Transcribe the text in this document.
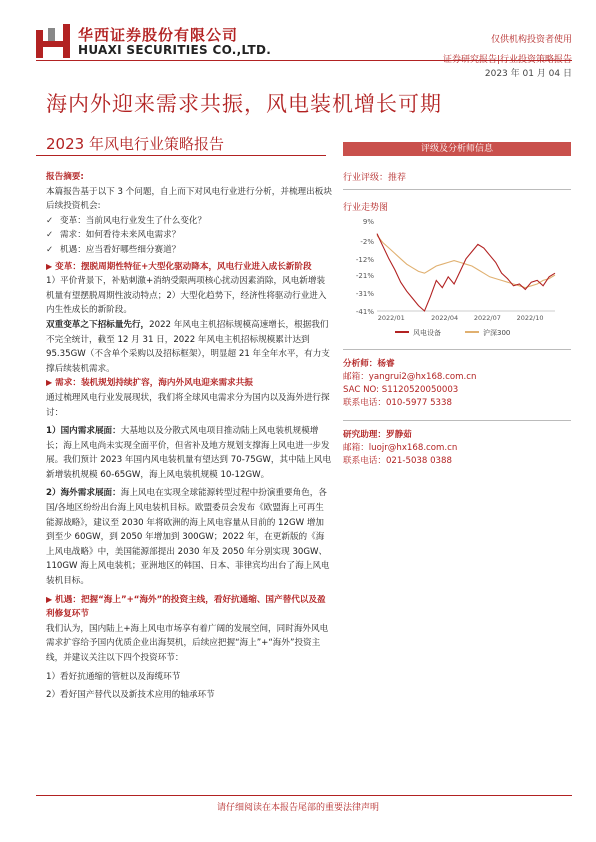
华西证券股份有限公司
HUAXI SECURITIES CO.,LTD.
仅供机构投资者使用
证券研究报告|行业投资策略报告
2023 年 01 月 04 日
海内外迎来需求共振，风电装机增长可期
2023 年风电行业策略报告

报告摘要:

本篇报告基于以下 3 个问题，自上而下对风电行业进行分析，并梳理出板块后续投资机会:

✓ 变革：当前风电行业发生了什么变化？

✓ 需求：如何看待未来风电需求？

✓ 机遇：应当看好哪些细分赛道？

▶ 变革：摆脱周期性特征+大型化驱动降本，风电行业进入成长新阶段

1）平价背景下，补贴刺激+消纳受限两项核心扰动因素消除，风电新增装机量有望摆脱周期性波动特点；2）大型化趋势下，经济性将驱动行业进入内生性成长的新阶段。

双重变革之下招标量先行，2022 年风电主机招标规模高速增长，根据我们不完全统计，截至 12 月 31 日，2022 年风电主机招标规模累计达到 95.35GW（不含单个采购以及招标框架），明显超 21 年全年水平，有力支撑后续装机需求。

▶ 需求：装机规划持续扩容，海内外风电迎来需求共振

通过梳理风电行业发展现状，我们将全球风电需求分为国内以及海外进行探讨：

1）国内需求展面：大基地以及分散式风电项目推动陆上风电装机规模增长；海上风电尚未实现全面平价，但省补及地方规划支撑海上风电进一步发展。我们预计 2023 年国内风电装机量有望达到 70-75GW，其中陆上风电新增装机规模 60-65GW，海上风电装机规模 10-12GW。

2）海外需求展面：海上风电在实现全球能源转型过程中扮演重要角色，各国/各地区纷纷出台海上风电装机目标。欧盟委员会发布《欧盟海上可再生能源战略》，建议至 2030 年将欧洲的海上风电容量从目前的 12GW 增加到至少 60GW，到 2050 年增加到 300GW；2022 年，在更新版的《海上风电战略》中，美国能源部提出 2030 年及 2050 年分别实现 30GW、110GW 海上风电装机；亚洲地区的韩国、日本、菲律宾均出台了海上风电装机目标。

▶ 机遇：把握“海上”+“海外”的投资主线，看好抗通缩、国产替代以及盈利修复环节

我们认为，国内陆上+海上风电市场享有着广阔的发展空间，同时海外风电需求扩容给予国内优质企业出海契机，后续应把握“海上”+“海外”投资主线，并建议关注以下四个投资环节：

1）看好抗通缩的管桩以及海缆环节

2）看好国产替代以及新技术应用的轴承环节

评级及分析师信息
行业评级：推荐
行业走势图
9%
-2%
-12%
-21%
-31%
-41%
2022/01	2022/04 2022/07 2022/10
风电设备	沪深300
分析师：杨睿
邮箱：yangrui2@hx168.com.cn
SAC NO: S1120520050003
联系电话：010-5977 5338
研究助理：罗静茹
邮箱：luojr@hx168.com.cn
联系电话：021-5038 0388
请仔细阅读在本报告尾部的重要法律声明
